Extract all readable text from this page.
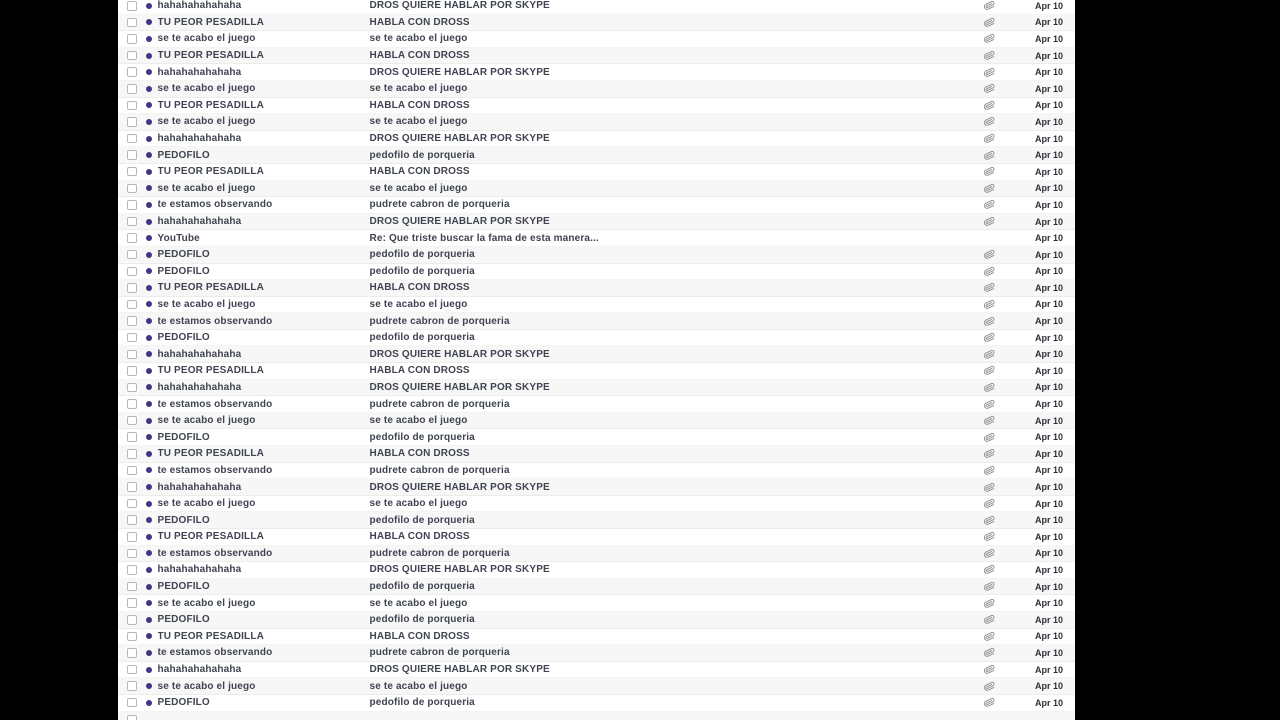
hahahahahahaha	DROS QUIERE HABLAR POR SKYPE	Apr 10
TU PEOR PESADILLA	HABLA CON DROSS	Apr 10
se te acabo el juego	se te acabo el juego	Apr 10
TU PEOR PESADILLA	HABLA CON DROSS	Apr 10
hahahahahahaha	DROS QUIERE HABLAR POR SKYPE	Apr 10
se te acabo el juego	se te acabo el juego	Apr 10
TU PEOR PESADILLA	HABLA CON DROSS	Apr 10
se te acabo el juego	se te acabo el juego	Apr 10
hahahahahahaha	DROS QUIERE HABLAR POR SKYPE	Apr 10
PEDOFILO	pedofilo de porqueria	Apr 10
TU PEOR PESADILLA	HABLA CON DROSS	Apr 10
se te acabo el juego	se te acabo el juego	Apr 10
te estamos observando	pudrete cabron de porqueria	Apr 10
hahahahahahaha	DROS QUIERE HABLAR POR SKYPE	Apr 10
YouTube	Re: Que triste buscar la fama de esta manera...	Apr 10
PEDOFILO	pedofilo de porqueria	Apr 10
PEDOFILO	pedofilo de porqueria	Apr 10
TU PEOR PESADILLA	HABLA CON DROSS	Apr 10
se te acabo el juego	se te acabo el juego	Apr 10
te estamos observando	pudrete cabron de porqueria	Apr 10
PEDOFILO	pedofilo de porqueria	Apr 10
hahahahahahaha	DROS QUIERE HABLAR POR SKYPE	Apr 10
TU PEOR PESADILLA	HABLA CON DROSS	Apr 10
hahahahahahaha	DROS QUIERE HABLAR POR SKYPE	Apr 10
te estamos observando	pudrete cabron de porqueria	Apr 10
se te acabo el juego	se te acabo el juego	Apr 10
PEDOFILO	pedofilo de porqueria	Apr 10
TU PEOR PESADILLA	HABLA CON DROSS	Apr 10
te estamos observando	pudrete cabron de porqueria	Apr 10
hahahahahahaha	DROS QUIERE HABLAR POR SKYPE	Apr 10
se te acabo el juego	se te acabo el juego	Apr 10
PEDOFILO	pedofilo de porqueria	Apr 10
TU PEOR PESADILLA	HABLA CON DROSS	Apr 10
te estamos observando	pudrete cabron de porqueria	Apr 10
hahahahahahaha	DROS QUIERE HABLAR POR SKYPE	Apr 10
PEDOFILO	pedofilo de porqueria	Apr 10
se te acabo el juego	se te acabo el juego	Apr 10
PEDOFILO	pedofilo de porqueria	Apr 10
TU PEOR PESADILLA	HABLA CON DROSS	Apr 10
te estamos observando	pudrete cabron de porqueria	Apr 10
hahahahahahaha	DROS QUIERE HABLAR POR SKYPE	Apr 10
se te acabo el juego	se te acabo el juego	Apr 10
PEDOFILO	pedofilo de porqueria	Apr 10
